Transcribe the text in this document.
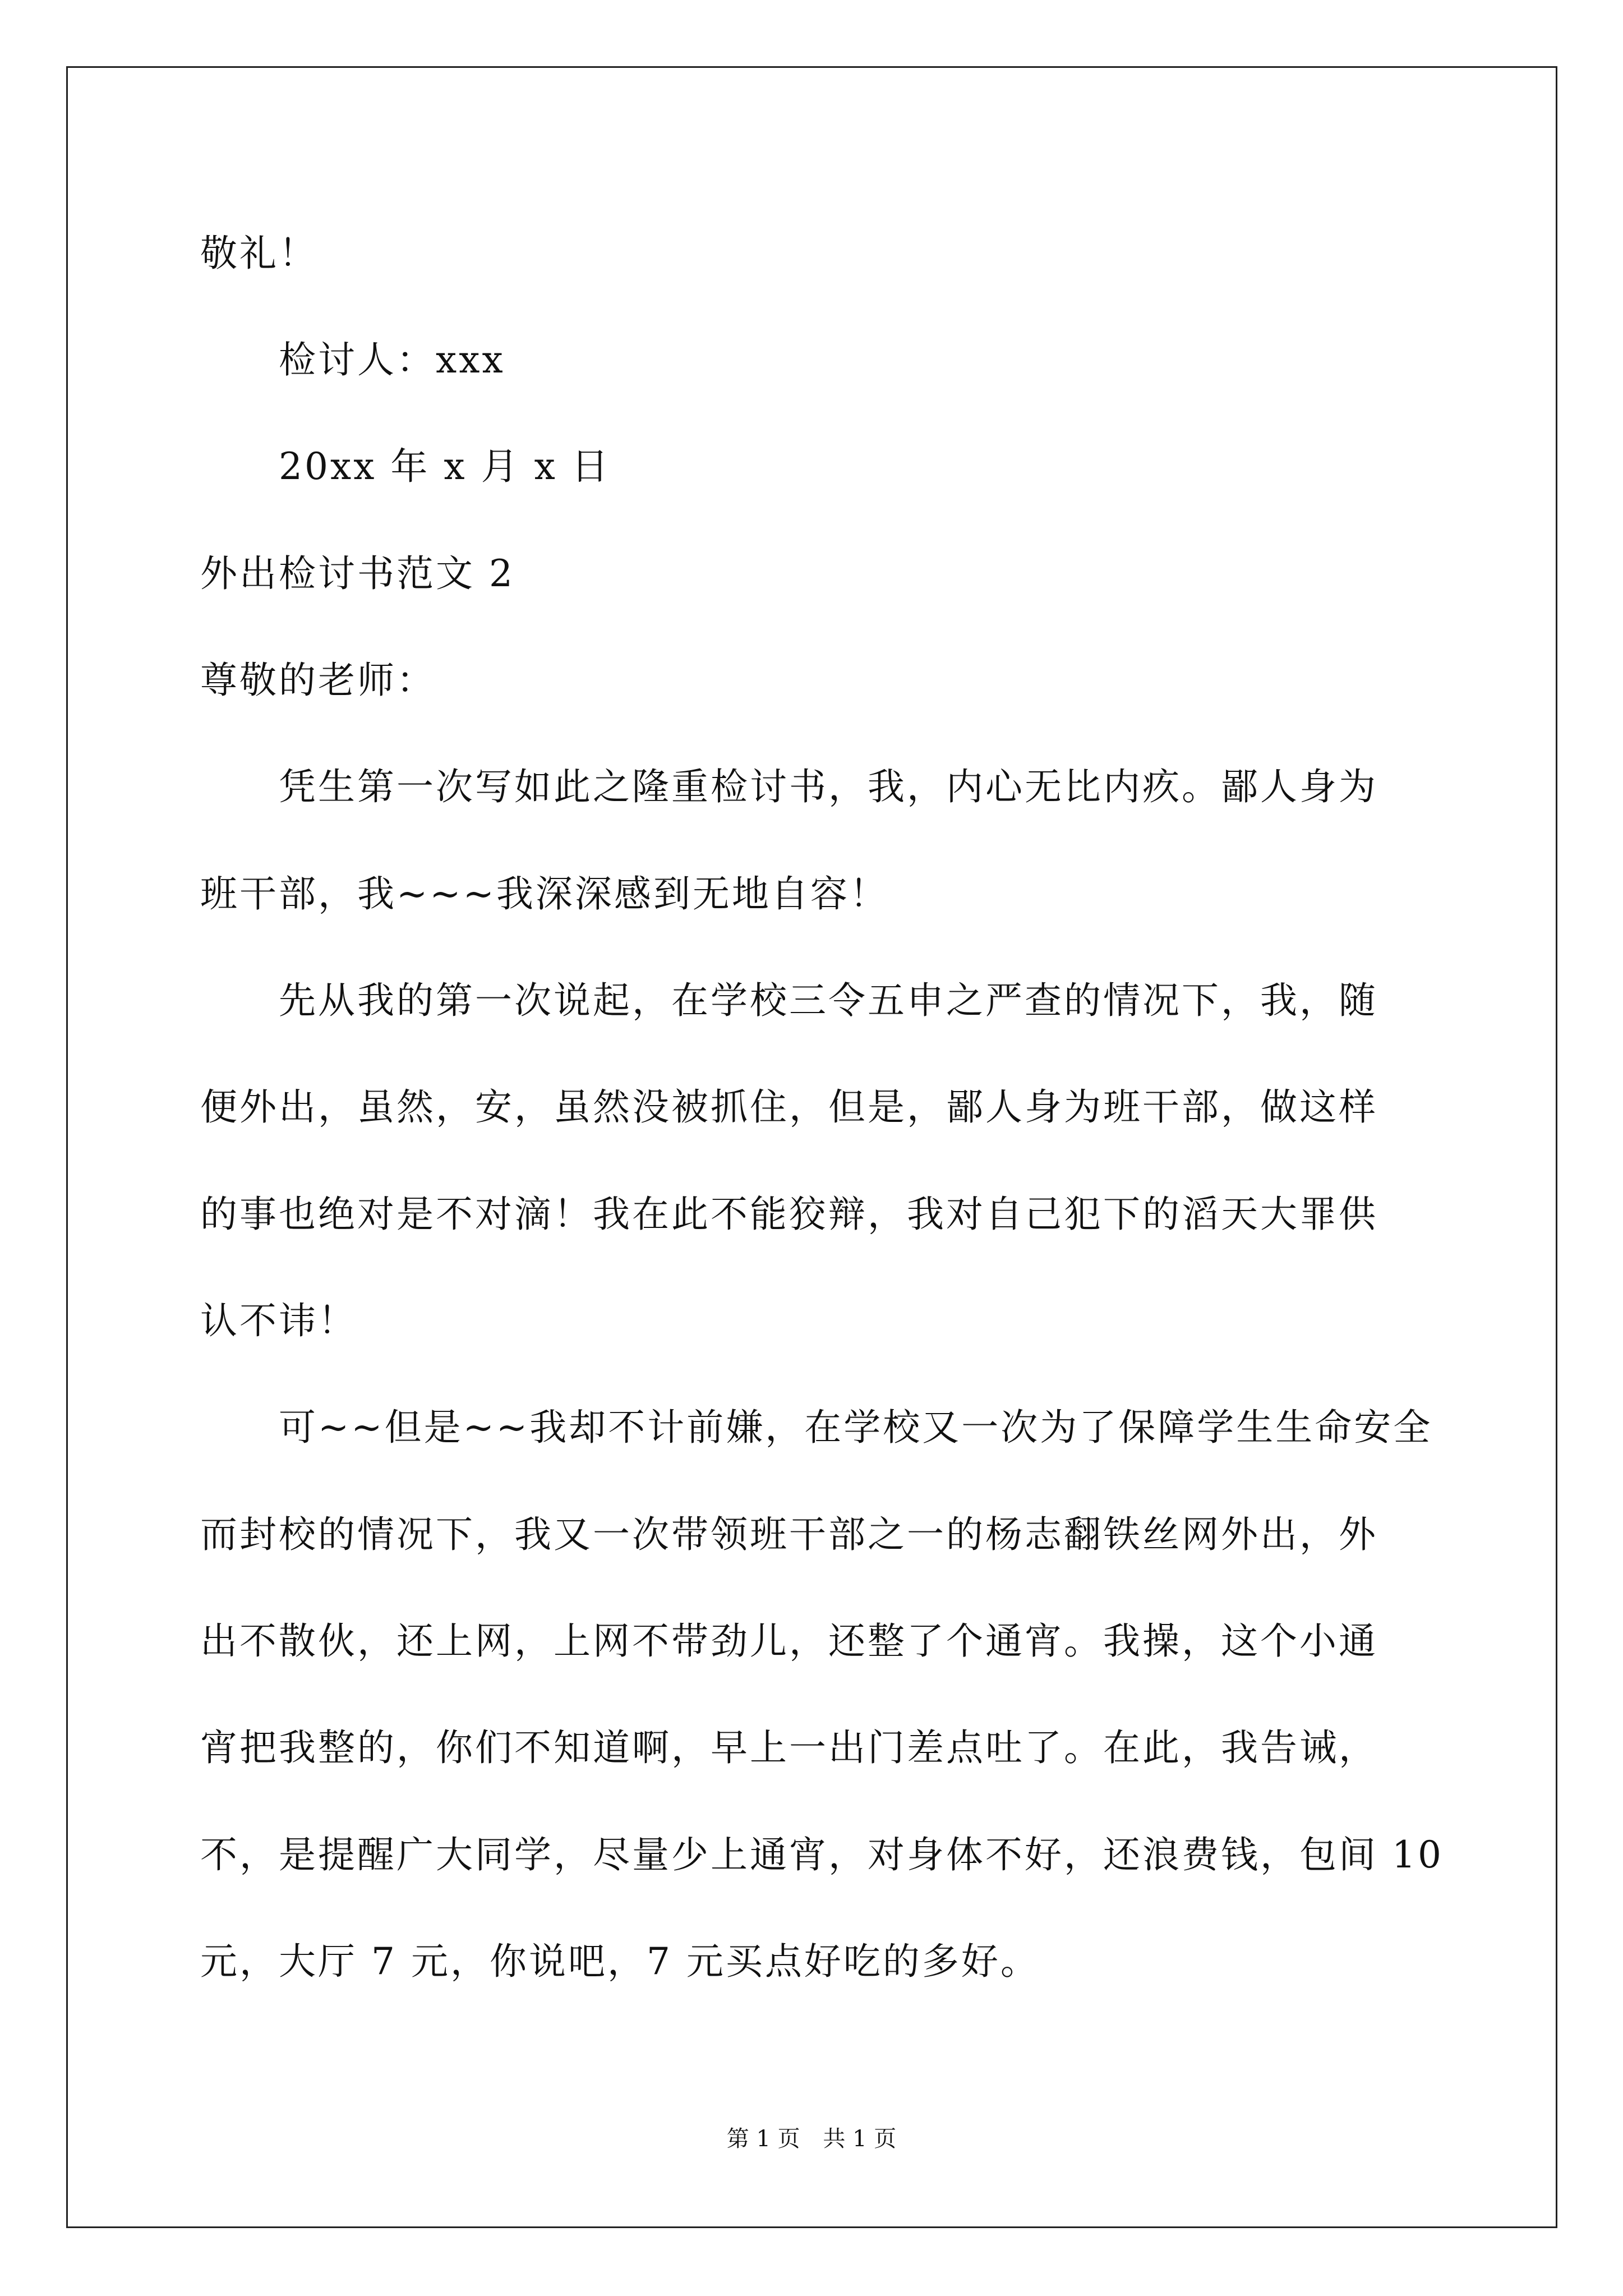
敬礼！
检讨人：xxx
20xx 年 x 月 x 日
外出检讨书范文 2
尊敬的老师：
凭生第一次写如此之隆重检讨书，我，内心无比内疚。鄙人身为
班干部，我~~~我深深感到无地自容！
先从我的第一次说起，在学校三令五申之严查的情况下，我，随
便外出，虽然，安，虽然没被抓住，但是，鄙人身为班干部，做这样
的事也绝对是不对滴！我在此不能狡辩，我对自己犯下的滔天大罪供
认不讳！
可~~但是~~我却不计前嫌，在学校又一次为了保障学生生命安全
而封校的情况下，我又一次带领班干部之一的杨志翻铁丝网外出，外
出不散伙，还上网，上网不带劲儿，还整了个通宵。我操，这个小通
宵把我整的，你们不知道啊，早上一出门差点吐了。在此，我告诫，
不，是提醒广大同学，尽量少上通宵，对身体不好，还浪费钱，包间 10
元，大厅 7 元，你说吧，7 元买点好吃的多好。
第 1 页 共 1 页
